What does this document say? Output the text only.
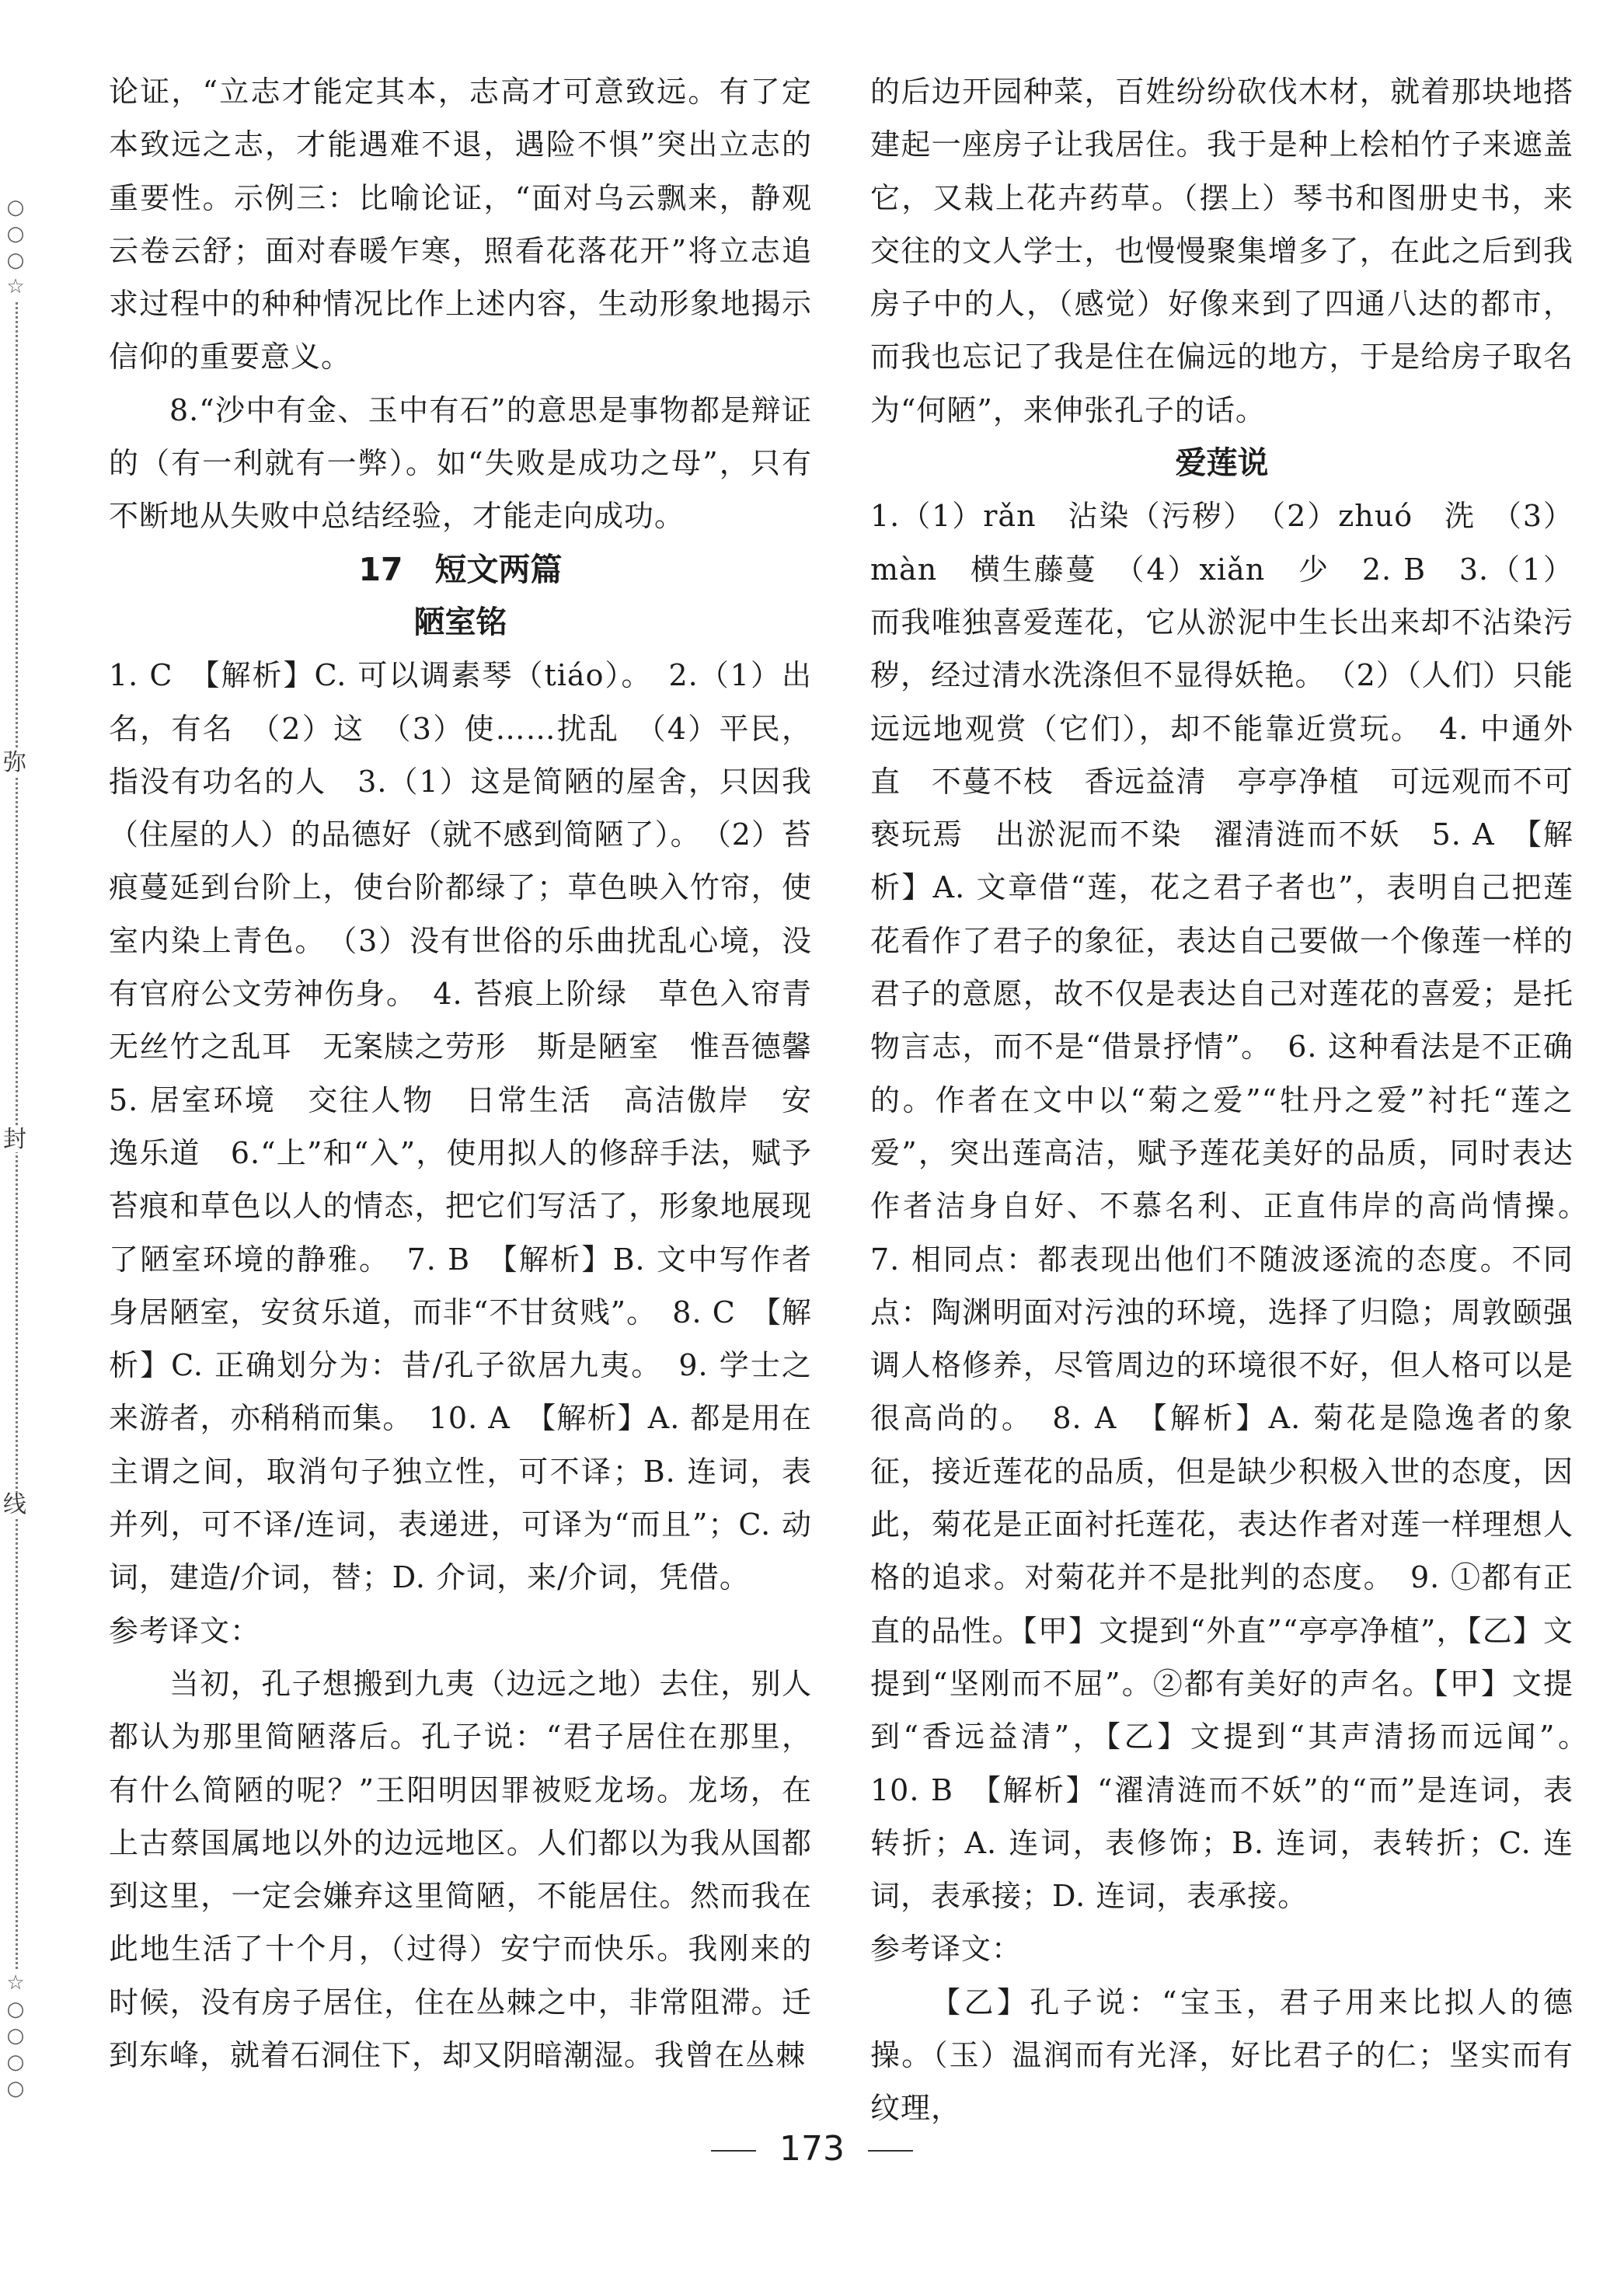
○ ○ ○ ☆
弥
封
线
☆ ○ ○ ○ ○

论证，“立志才能定其本，志高才可意致远。有了定本致远之志，才能遇难不退，遇险不惧”突出立志的重要性。示例三：比喻论证，“面对乌云飘来，静观云卷云舒；面对春暖乍寒，照看花落花开”将立志追求过程中的种种情况比作上述内容，生动形象地揭示信仰的重要意义。

8.“沙中有金、玉中有石”的意思是事物都是辩证的（有一利就有一弊）。如“失败是成功之母”，只有不断地从失败中总结经验，才能走向成功。

17　短文两篇
陋室铭

1. C　【解析】C. 可以调素琴（tiáo）。　2.（1）出名，有名　（2）这　（3）使……扰乱　（4）平民，指没有功名的人　3.（1）这是简陋的屋舍，只因我（住屋的人）的品德好（就不感到简陋了）。　（2）苔痕蔓延到台阶上，使台阶都绿了；草色映入竹帘，使室内染上青色。　（3）没有世俗的乐曲扰乱心境，没有官府公文劳神伤身。　4. 苔痕上阶绿　草色入帘青　无丝竹之乱耳　无案牍之劳形　斯是陋室　惟吾德馨　5. 居室环境　交往人物　日常生活　高洁傲岸　安逸乐道　6.“上”和“入”，使用拟人的修辞手法，赋予苔痕和草色以人的情态，把它们写活了，形象地展现了陋室环境的静雅。　7. B　【解析】B. 文中写作者身居陋室，安贫乐道，而非“不甘贫贱”。　8. C　【解析】C. 正确划分为：昔/孔子欲居九夷。　9. 学士之来游者，亦稍稍而集。　10. A　【解析】A. 都是用在主谓之间，取消句子独立性，可不译；B. 连词，表并列，可不译/连词，表递进，可译为“而且”；C. 动词，建造/介词，替；D. 介词，来/介词，凭借。

参考译文：

当初，孔子想搬到九夷（边远之地）去住，别人都认为那里简陋落后。孔子说：“君子居住在那里，有什么简陋的呢？”王阳明因罪被贬龙场。龙场，在上古蔡国属地以外的边远地区。人们都以为我从国都到这里，一定会嫌弃这里简陋，不能居住。然而我在此地生活了十个月，（过得）安宁而快乐。我刚来的时候，没有房子居住，住在丛棘之中，非常阻滞。迁到东峰，就着石洞住下，却又阴暗潮湿。我曾在丛棘

的后边开园种菜，百姓纷纷砍伐木材，就着那块地搭建起一座房子让我居住。我于是种上桧柏竹子来遮盖它，又栽上花卉药草。（摆上）琴书和图册史书，来交往的文人学士，也慢慢聚集增多了，在此之后到我房子中的人，（感觉）好像来到了四通八达的都市，而我也忘记了我是住在偏远的地方，于是给房子取名为“何陋”，来伸张孔子的话。

爱莲说

1.（1）rǎn　沾染（污秽）　（2）zhuó　洗　（3）màn　横生藤蔓　（4）xiǎn　少　2. B　3.（1）而我唯独喜爱莲花，它从淤泥中生长出来却不沾染污秽，经过清水洗涤但不显得妖艳。　（2）（人们）只能远远地观赏（它们），却不能靠近赏玩。　4. 中通外直　不蔓不枝　香远益清　亭亭净植　可远观而不可亵玩焉　出淤泥而不染　濯清涟而不妖　5. A　【解析】A. 文章借“莲，花之君子者也”，表明自己把莲花看作了君子的象征，表达自己要做一个像莲一样的君子的意愿，故不仅是表达自己对莲花的喜爱；是托物言志，而不是“借景抒情”。　6. 这种看法是不正确的。作者在文中以“菊之爱”“牡丹之爱”衬托“莲之爱”，突出莲高洁，赋予莲花美好的品质，同时表达作者洁身自好、不慕名利、正直伟岸的高尚情操。　7. 相同点：都表现出他们不随波逐流的态度。不同点：陶渊明面对污浊的环境，选择了归隐；周敦颐强调人格修养，尽管周边的环境很不好，但人格可以是很高尚的。　8. A　【解析】A. 菊花是隐逸者的象征，接近莲花的品质，但是缺少积极入世的态度，因此，菊花是正面衬托莲花，表达作者对莲一样理想人格的追求。对菊花并不是批判的态度。　9. ①都有正直的品性。【甲】文提到“外直”“亭亭净植”，【乙】文提到“坚刚而不屈”。②都有美好的声名。【甲】文提到“香远益清”，【乙】文提到“其声清扬而远闻”。　10. B　【解析】“濯清涟而不妖”的“而”是连词，表转折；A. 连词，表修饰；B. 连词，表转折；C. 连词，表承接；D. 连词，表承接。

参考译文：

【乙】孔子说：“宝玉，君子用来比拟人的德操。（玉）温润而有光泽，好比君子的仁；坚实而有纹理，

173
